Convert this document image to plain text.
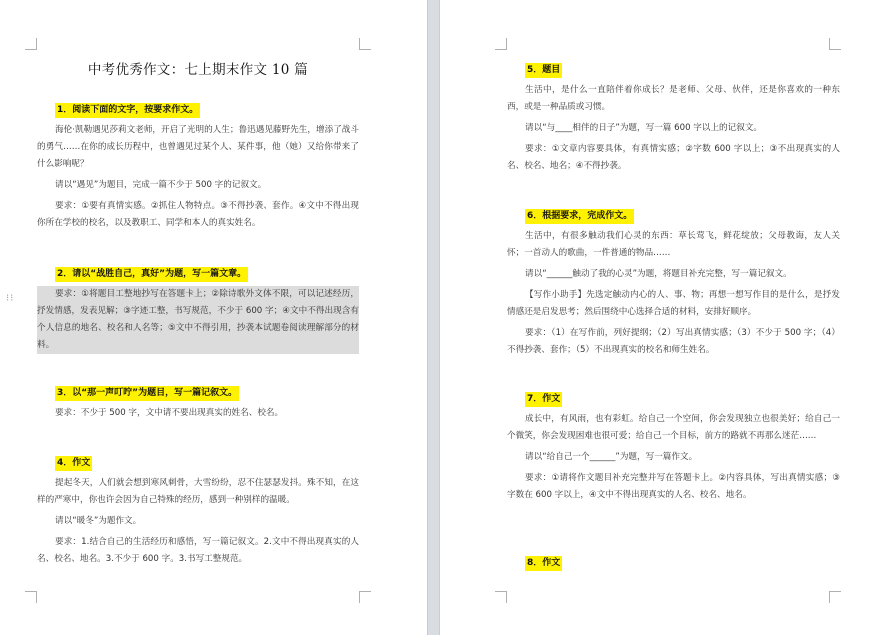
⁝⁝
中考优秀作文：七上期末作文 10 篇
1．阅读下面的文字，按要求作文。
海伦·凯勒遇见莎莉文老师，开启了光明的人生；鲁迅遇见藤野先生，增添了战斗的勇气……在你的成长历程中，也曾遇见过某个人、某件事，他（她）又给你带来了什么影响呢？
请以“遇见”为题目，完成一篇不少于 500 字的记叙文。
要求：①要有真情实感。②抓住人物特点。③不得抄袭、套作。④文中不得出现你所在学校的校名，以及教职工、同学和本人的真实姓名。
2．请以“战胜自己，真好”为题，写一篇文章。
要求：①将题目工整地抄写在答题卡上；②除诗歌外文体不限，可以记述经历，抒发情感，发表见解；③字迹工整，书写规范，不少于 600 字；④文中不得出现含有个人信息的地名、校名和人名等；⑤文中不得引用，抄袭本试题卷阅读理解部分的材料。
3．以“那一声叮咛”为题目，写一篇记叙文。
要求：不少于 500 字，文中请不要出现真实的姓名、校名。
4．作文
提起冬天，人们就会想到寒风刺骨，大雪纷纷，忍不住瑟瑟发抖。殊不知，在这样的严寒中，你也许会因为自己特殊的经历，感到一种别样的温暖。
请以“暖冬”为题作文。
要求：1.结合自己的生活经历和感悟，写一篇记叙文。2.文中不得出现真实的人名、校名、地名。3.不少于 600 字。3.书写工整规范。
5．题目
生活中，是什么一直陪伴着你成长？是老师、父母、伙伴，还是你喜欢的一种东西，或是一种品质或习惯。
请以“与____相伴的日子”为题，写一篇 600 字以上的记叙文。
要求：①文章内容要具体，有真情实感；②字数 600 字以上；③不出现真实的人名、校名、地名；④不得抄袭。
6．根据要求，完成作文。
生活中，有很多触动我们心灵的东西：草长莺飞，鲜花绽放；父母教诲，友人关怀；一首动人的歌曲，一件普通的物品……
请以“______触动了我的心灵”为题，将题目补充完整，写一篇记叙文。
【写作小助手】先选定触动内心的人、事、物；再想一想写作目的是什么，是抒发情感还是启发思考；然后围绕中心选择合适的材料，安排好顺序。
要求：（1）在写作前，列好提纲；（2）写出真情实感；（3）不少于 500 字；（4）不得抄袭、套作；（5）不出现真实的校名和师生姓名。
7．作文
成长中，有风雨，也有彩虹。给自己一个空间，你会发现独立也很美好；给自己一个微笑，你会发现困难也很可爱；给自己一个目标，前方的路就不再那么迷茫……
请以“给自己一个______”为题，写一篇作文。
要求：①请将作文题目补充完整并写在答题卡上。②内容具体，写出真情实感；③字数在 600 字以上，④文中不得出现真实的人名、校名、地名。
8．作文
